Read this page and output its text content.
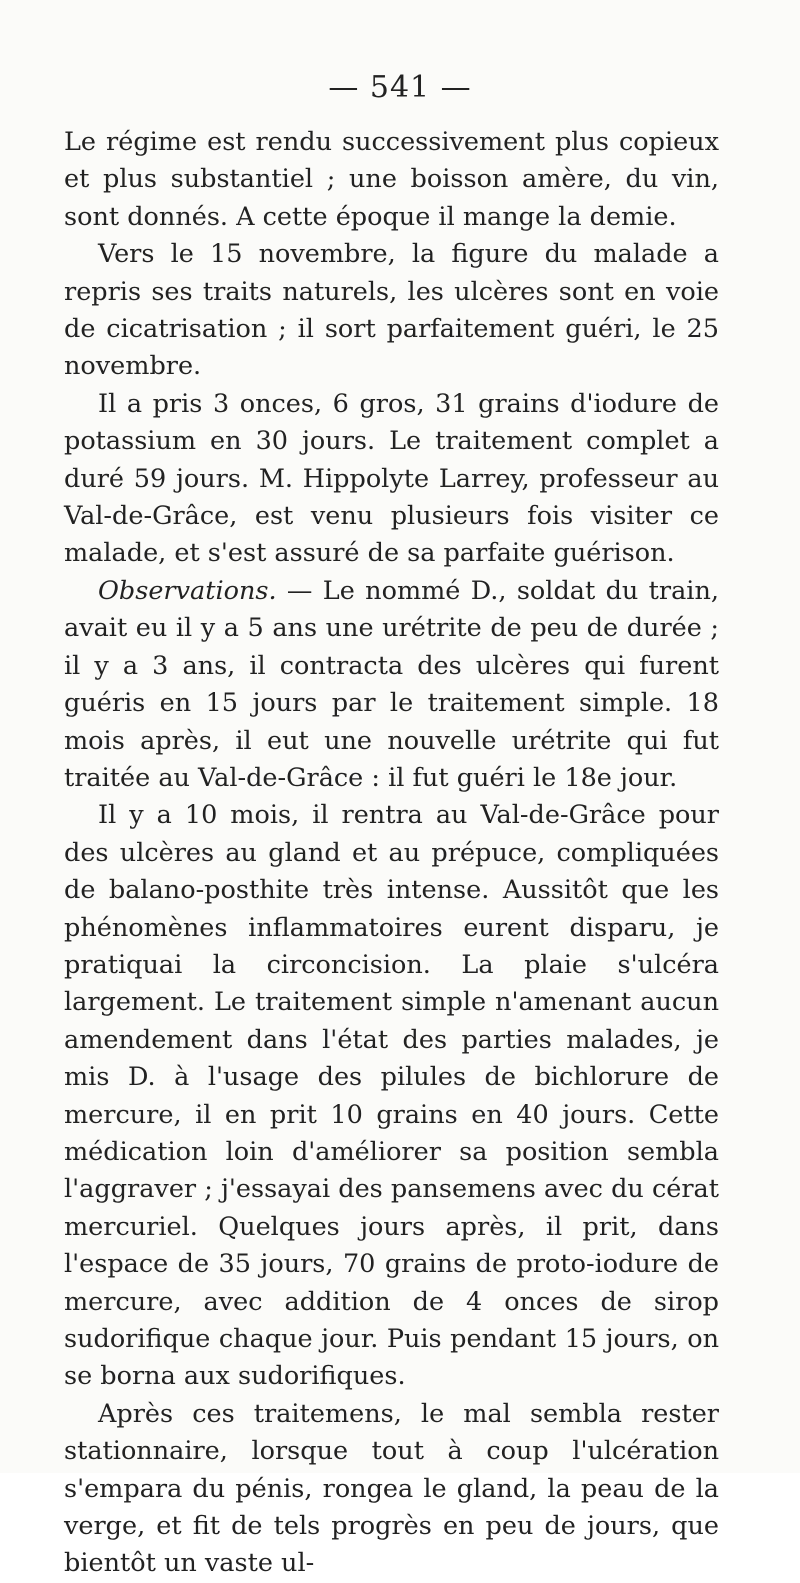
— 541 —

Le régime est rendu successivement plus copieux et plus substantiel ; une boisson amère, du vin, sont donnés. A cette époque il mange la demie.

Vers le 15 novembre, la figure du malade a repris ses traits naturels, les ulcères sont en voie de cicatrisation ; il sort parfaitement guéri, le 25 novembre.

Il a pris 3 onces, 6 gros, 31 grains d'iodure de potassium en 30 jours. Le traitement complet a duré 59 jours. M. Hippolyte Larrey, professeur au Val-de-Grâce, est venu plusieurs fois visiter ce malade, et s'est assuré de sa parfaite guérison.

Observations. — Le nommé D., soldat du train, avait eu il y a 5 ans une urétrite de peu de durée ; il y a 3 ans, il contracta des ulcères qui furent guéris en 15 jours par le traitement simple. 18 mois après, il eut une nouvelle urétrite qui fut traitée au Val-de-Grâce : il fut guéri le 18e jour.

Il y a 10 mois, il rentra au Val-de-Grâce pour des ulcères au gland et au prépuce, compliquées de balano-posthite très intense. Aussitôt que les phénomènes inflammatoires eurent disparu, je pratiquai la circoncision. La plaie s'ulcéra largement. Le traitement simple n'amenant aucun amendement dans l'état des parties malades, je mis D. à l'usage des pilules de bichlorure de mercure, il en prit 10 grains en 40 jours. Cette médication loin d'améliorer sa position sembla l'aggraver ; j'essayai des pansemens avec du cérat mercuriel. Quelques jours après, il prit, dans l'espace de 35 jours, 70 grains de proto-iodure de mercure, avec addition de 4 onces de sirop sudorifique chaque jour. Puis pendant 15 jours, on se borna aux sudorifiques.

Après ces traitemens, le mal sembla rester stationnaire, lorsque tout à coup l'ulcération s'empara du pénis, rongea le gland, la peau de la verge, et fit de tels progrès en peu de jours, que bientôt un vaste ul-
